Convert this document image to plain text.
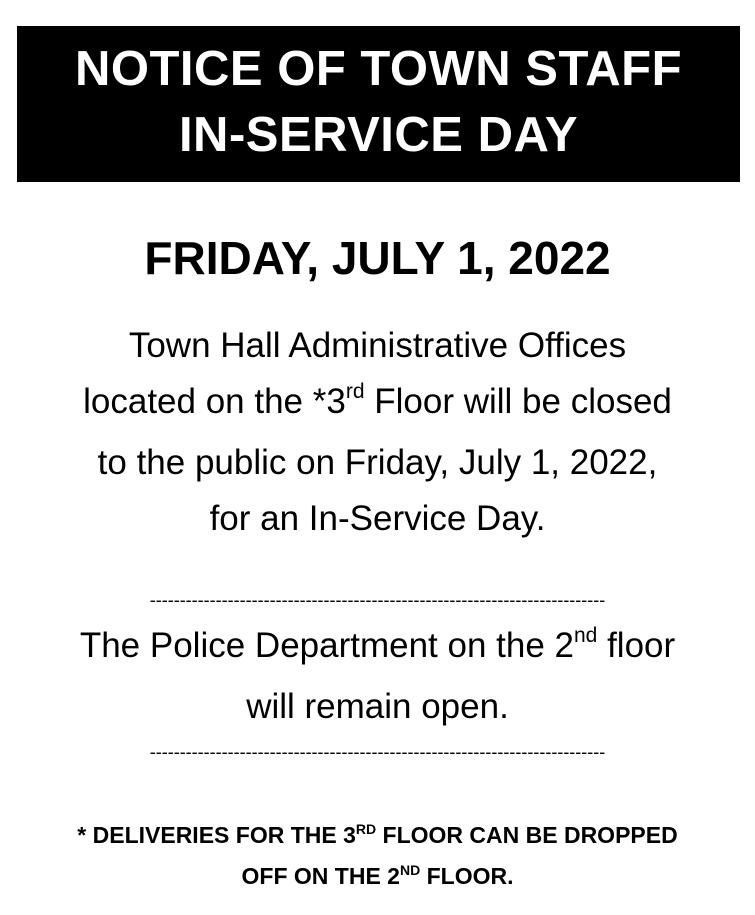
NOTICE OF TOWN STAFF
IN-SERVICE DAY
FRIDAY, JULY 1, 2022
Town Hall Administrative Offices
located on the *3rd Floor will be closed
to the public on Friday, July 1, 2022,
for an In-Service Day.
----------------------------------------------------------------------------
The Police Department on the 2nd floor
will remain open.
----------------------------------------------------------------------------
* DELIVERIES FOR THE 3RD FLOOR CAN BE DROPPED
OFF ON THE 2ND FLOOR.
